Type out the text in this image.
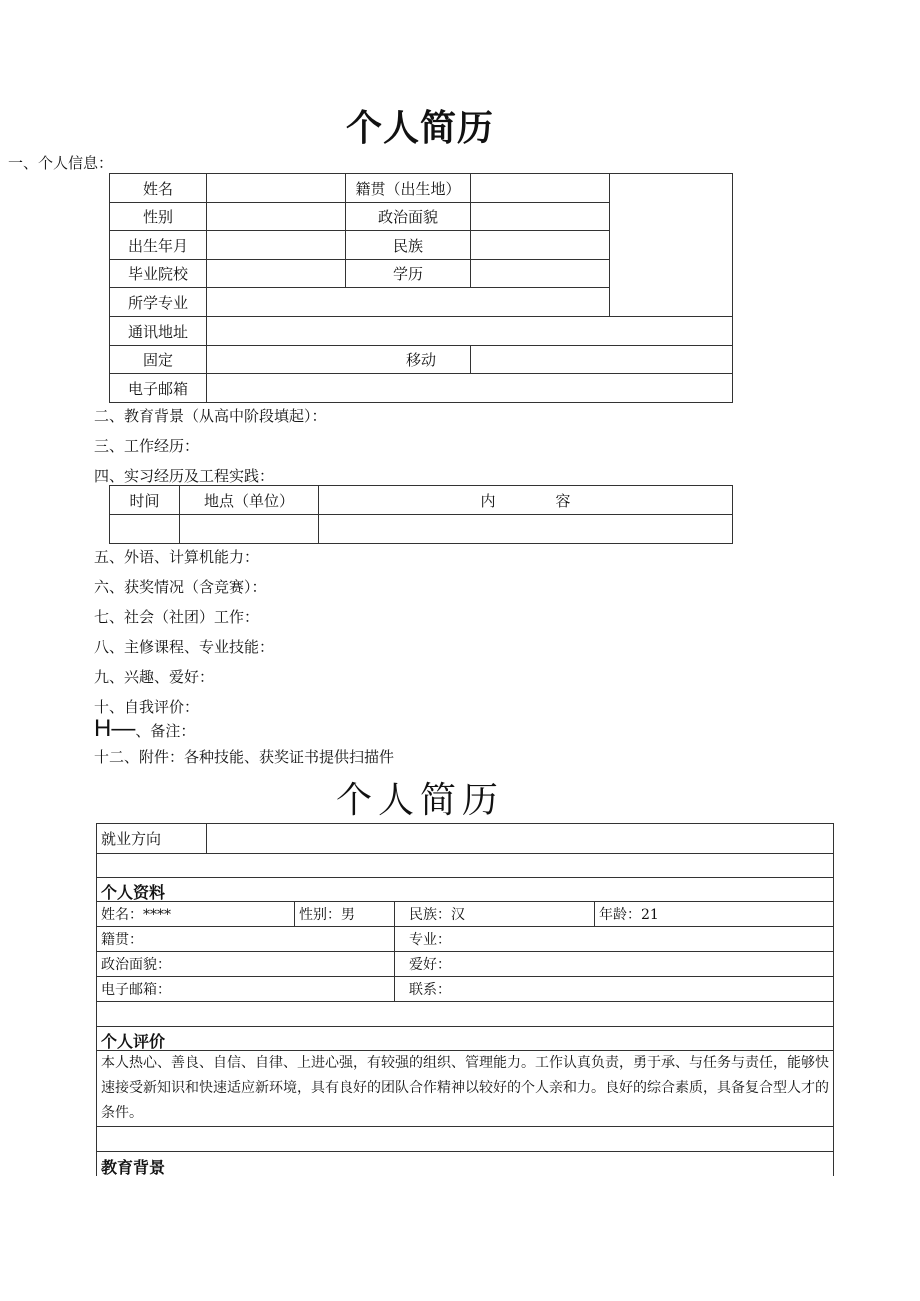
个人简历
一、个人信息：
姓名		籍贯（出生地）		
性别		政治面貌		
出生年月		民族		
毕业院校		学历		
所学专业				
通讯地址				
固定	移动			
电子邮箱				
二、教育背景（从高中阶段填起）：
三、工作经历：
四、实习经历及工程实践：
时间	地点（单位）	内　　　　容

五、外语、计算机能力：
六、获奖情况（含竞赛）：
七、社会（社团）工作：
八、主修课程、专业技能：
九、兴趣、爱好：
十、自我评价：
H—、备注：
十二、附件：各种技能、获奖证书提供扫描件
个人简历
就业方向				

个人资料				
姓名：****		性别：男	民族：汉	年龄：21
籍贯：			专业：	
政治面貌：			爱好：	
电子邮箱：			联系：	

个人评价				
本人热心、善良、自信、自律、上进心强，有较强的组织、管理能力。工作认真负责，勇于承、与任务与责任，能够快速接受新知识和快速适应新环境，具有良好的团队合作精神以较好的个人亲和力。良好的综合素质，具备复合型人才的条件。				

教育背景				
